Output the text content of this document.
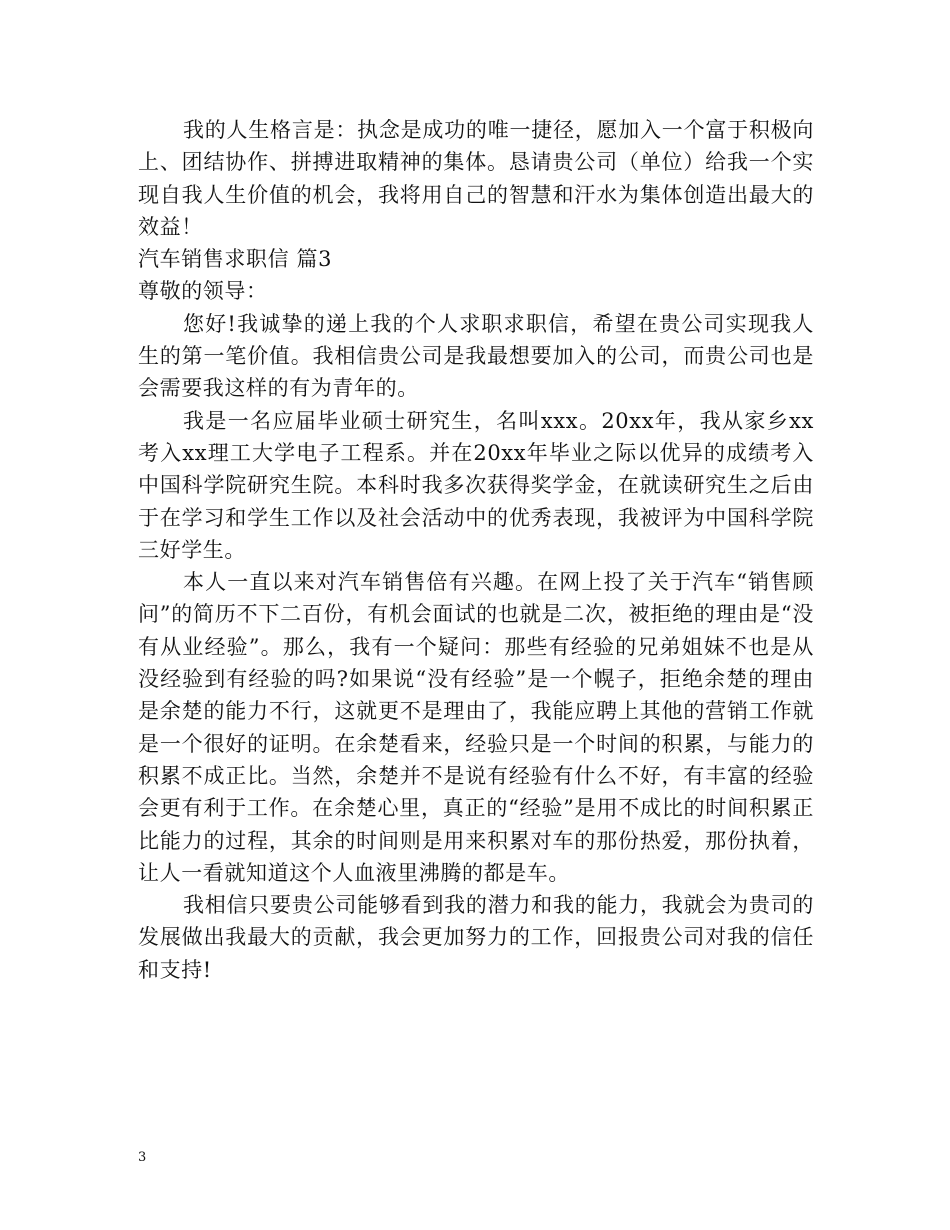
我的人生格言是：执念是成功的唯一捷径，愿加入一个富于积极向上、团结协作、拼搏进取精神的集体。恳请贵公司（单位）给我一个实现自我人生价值的机会，我将用自己的智慧和汗水为集体创造出最大的效益！

汽车销售求职信 篇3

尊敬的领导：

您好!我诚挚的递上我的个人求职求职信，希望在贵公司实现我人生的第一笔价值。我相信贵公司是我最想要加入的公司，而贵公司也是会需要我这样的有为青年的。

我是一名应届毕业硕士研究生，名叫xxx。20xx年，我从家乡xx考入xx理工大学电子工程系。并在20xx年毕业之际以优异的成绩考入中国科学院研究生院。本科时我多次获得奖学金，在就读研究生之后由于在学习和学生工作以及社会活动中的优秀表现，我被评为中国科学院三好学生。

本人一直以来对汽车销售倍有兴趣。在网上投了关于汽车“销售顾问”的简历不下二百份，有机会面试的也就是二次，被拒绝的理由是“没有从业经验”。那么，我有一个疑问：那些有经验的兄弟姐妹不也是从没经验到有经验的吗?如果说“没有经验”是一个幌子，拒绝余楚的理由是余楚的能力不行，这就更不是理由了，我能应聘上其他的营销工作就是一个很好的证明。在余楚看来，经验只是一个时间的积累，与能力的积累不成正比。当然，余楚并不是说有经验有什么不好，有丰富的经验会更有利于工作。在余楚心里，真正的“经验”是用不成比的时间积累正比能力的过程，其余的时间则是用来积累对车的那份热爱，那份执着，让人一看就知道这个人血液里沸腾的都是车。

我相信只要贵公司能够看到我的潜力和我的能力，我就会为贵司的发展做出我最大的贡献，我会更加努力的工作，回报贵公司对我的信任和支持!

3
